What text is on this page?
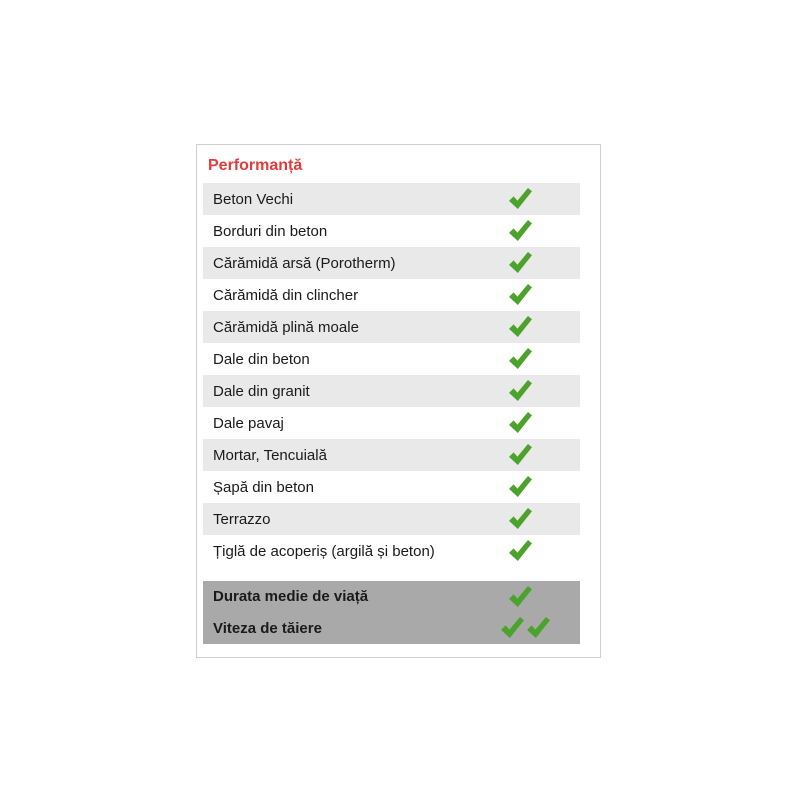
Performanță
Beton Vechi
Borduri din beton
Cărămidă arsă (Porotherm)
Cărămidă din clincher
Cărămidă plină moale
Dale din beton
Dale din granit
Dale pavaj
Mortar, Tencuială
Șapă din beton
Terrazzo
Țiglă de acoperiș (argilă și beton)
Durata medie de viață
Viteza de tăiere
